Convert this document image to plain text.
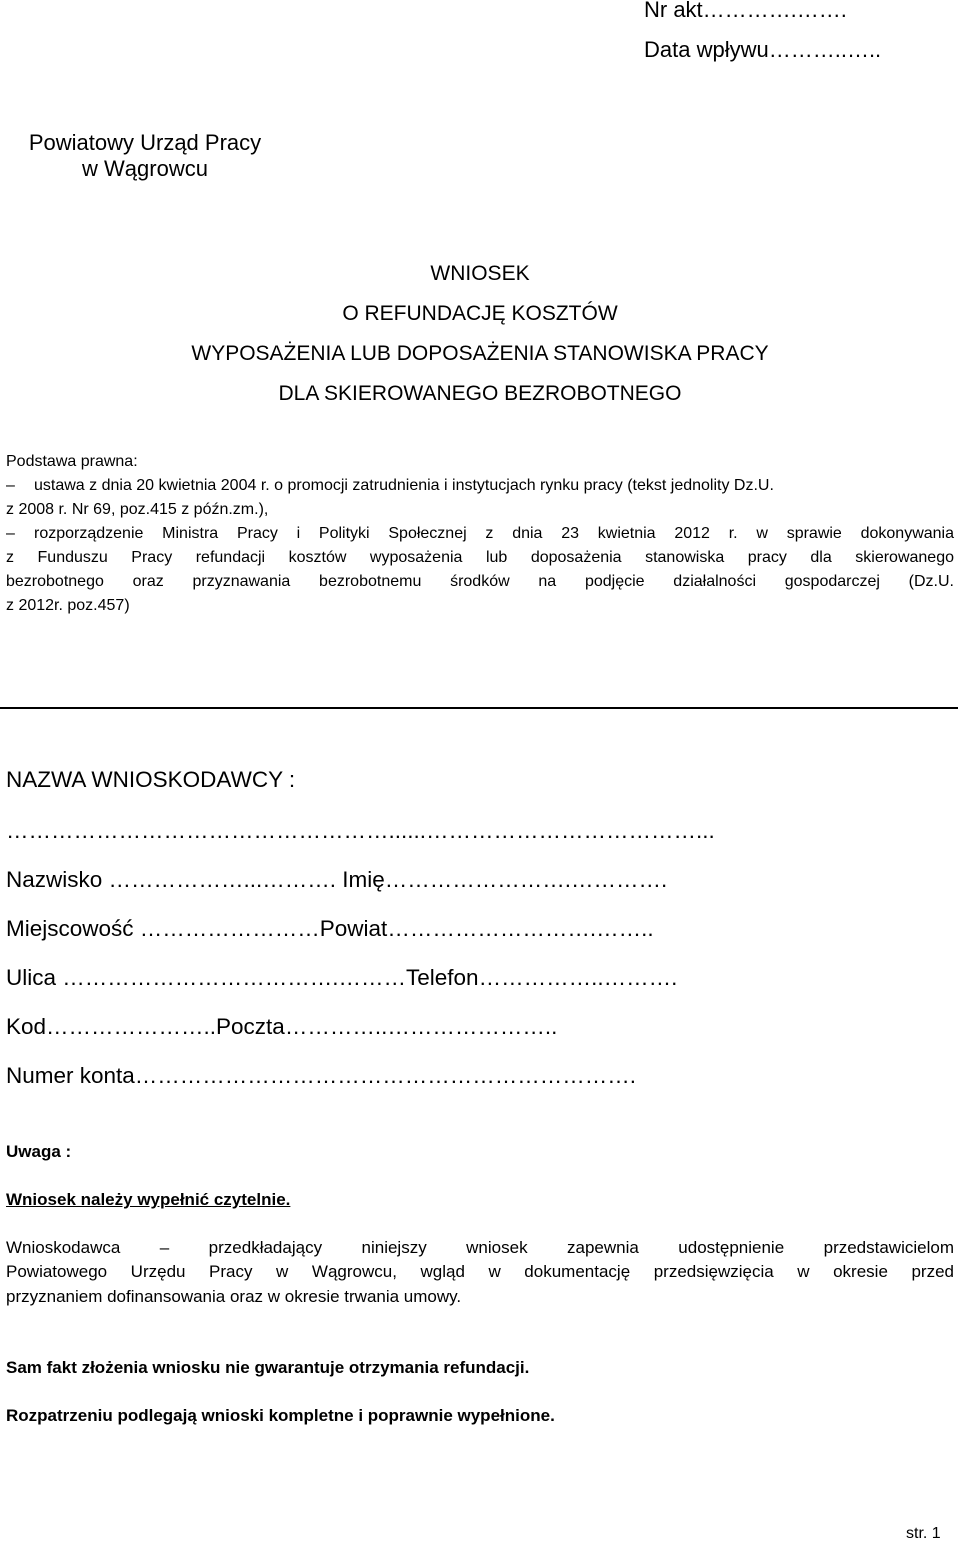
Nr akt………….…….
Data wpływu………..…..
Powiatowy Urząd Pracy
w Wągrowcu
WNIOSEK
O REFUNDACJĘ KOSZTÓW
WYPOSAŻENIA LUB DOPOSAŻENIA STANOWISKA PRACY
DLA SKIEROWANEGO BEZROBOTNEGO
Podstawa prawna:
– ustawa z dnia 20 kwietnia 2004 r. o promocji zatrudnienia i instytucjach rynku pracy (tekst jednolity Dz.U.
z 2008 r. Nr 69, poz.415 z późn.zm.),
– rozporządzenie Ministra Pracy i Polityki Społecznej z dnia 23 kwietnia 2012 r. w sprawie dokonywania
z Funduszu Pracy refundacji kosztów wyposażenia lub doposażenia stanowiska pracy dla skierowanego
bezrobotnego oraz przyznawania bezrobotnemu środków na podjęcie działalności gospodarczej (Dz.U.
z 2012r. poz.457)
NAZWA WNIOSKODAWCY :
……………………………………………......………………………………...
Nazwisko ………………...………. Imię…………………….………….
Miejscowość ……………………Powiat……………………….……..
Ulica ……………………………….………Telefon……………..……….
Kod…………………..Poczta…………..…………………..
Numer konta………………………………………………………….
Uwaga :
Wniosek należy wypełnić czytelnie.
Wnioskodawca – przedkładający niniejszy wniosek zapewnia udostępnienie przedstawicielom
Powiatowego Urzędu Pracy w Wągrowcu, wgląd w dokumentację przedsięwzięcia w okresie przed
przyznaniem dofinansowania oraz w okresie trwania umowy.
Sam fakt złożenia wniosku nie gwarantuje otrzymania refundacji.
Rozpatrzeniu podlegają wnioski kompletne i poprawnie wypełnione.
str. 1
